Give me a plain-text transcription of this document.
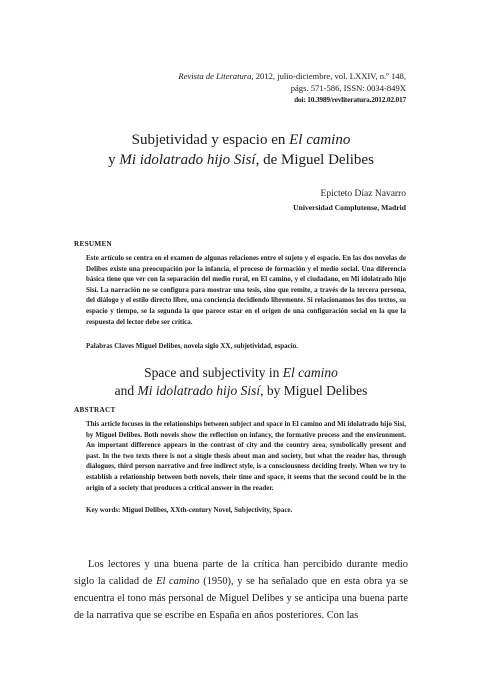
Revista de Literatura, 2012, julio-diciembre, vol. LXXIV, n.º 148,
págs. 571-586, ISSN: 0034-849X
doi: 10.3989/revliteratura.2012.02.017
Subjetividad y espacio en El camino
y Mi idolatrado hijo Sisí, de Miguel Delibes
Epicteto Díaz Navarro
Universidad Complutense, Madrid
RESUMEN
Este artículo se centra en el examen de algunas relaciones entre el sujeto y el espacio. En las dos novelas de Delibes existe una preocupación por la infancia, el proceso de formación y el medio social. Una diferencia básica tiene que ver con la separación del medio rural, en El camino, y el ciudadano, en Mi idolatrado hijo Sisí. La narración no se configura para mostrar una tesis, sino que remite, a través de la tercera persona, del diálogo y el estilo directo libre, una conciencia decidiendo libremente. Si relacionamos los dos textos, su espacio y tiempo, se la segunda la que parece estar en el origen de una configuración social en la que la respuesta del lector debe ser crítica.
Palabras Claves Miguel Delibes, novela siglo XX, subjetividad, espacio.
Space and subjectivity in El camino
and Mi idolatrado hijo Sisí, by Miguel Delibes
ABSTRACT
This article focuses in the relationships between subject and space in El camino and Mi idolatrado hijo Sisí, by Miguel Delibes. Both novels show the reflection on infancy, the formative process and the environment. An important difference appears in the contrast of city and the country area, symbolically present and past. In the two texts there is not a single thesis about man and society, but what the reader has, through dialogues, third person narrative and free indirect style, is a consciousness deciding freely. When we try to establish a relationship between both novels, their time and space, it seems that the second could be in the origin of a society that produces a critical answer in the reader.
Key words: Miguel Delibes, XXth-century Novel, Subjectivity, Space.
Los lectores y una buena parte de la crítica han percibido durante medio siglo la calidad de El camino (1950), y se ha señalado que en esta obra ya se encuentra el tono más personal de Miguel Delibes y se anticipa una buena parte de la narrativa que se escribe en España en años posteriores. Con las
